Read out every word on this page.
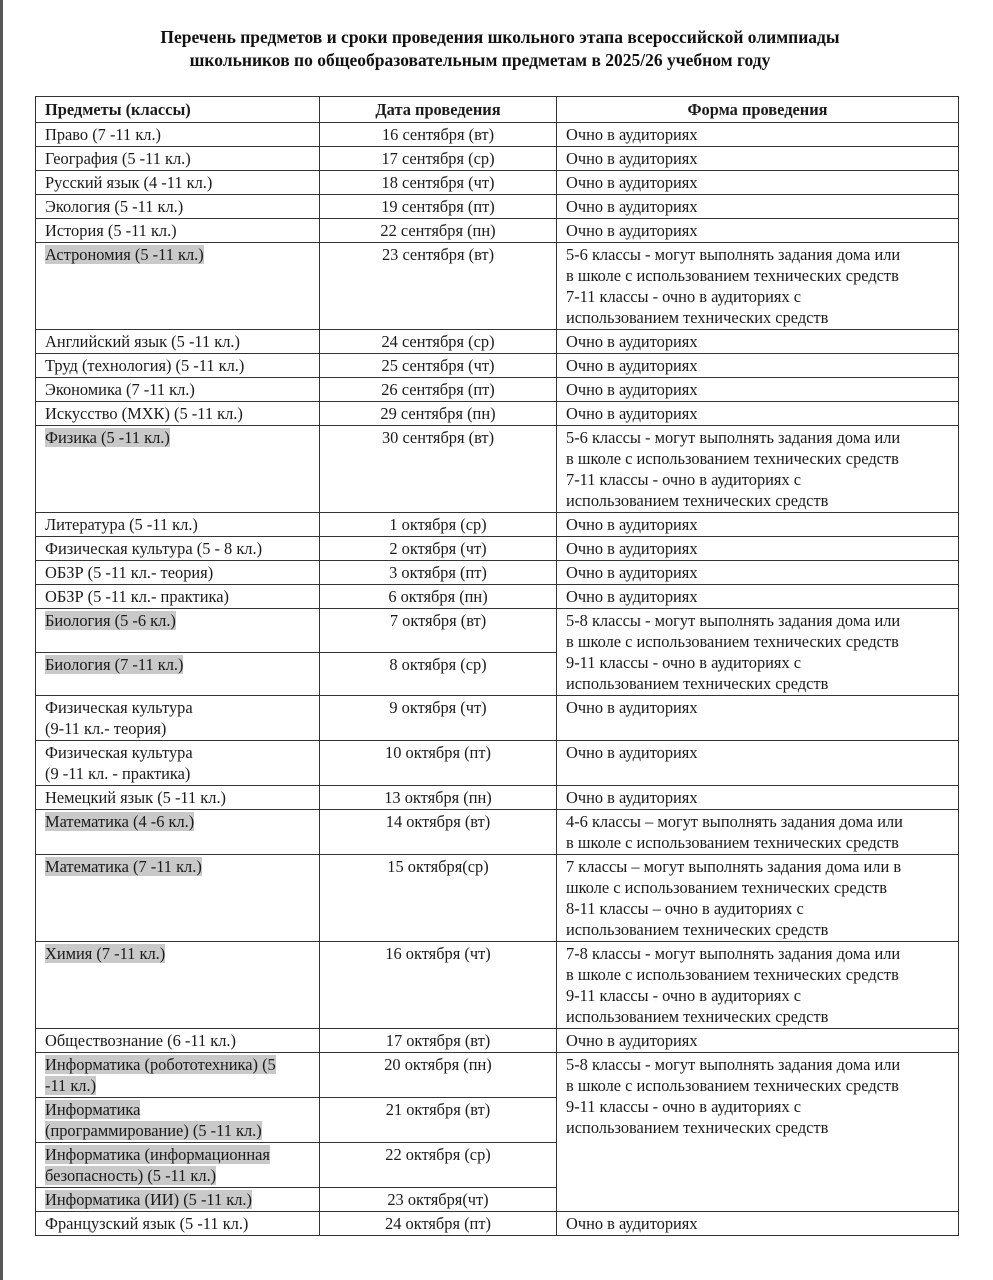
Перечень предметов и сроки проведения школьного этапа всероссийской олимпиады
школьников по общеобразовательным предметам в 2025/26 учебном году
Предметы (классы)	Дата проведения	Форма проведения
Право (7 -11 кл.)	16 сентября (вт)	Очно в аудиториях
География (5 -11 кл.)	17 сентября (ср)	Очно в аудиториях
Русский язык (4 -11 кл.)	18 сентября (чт)	Очно в аудиториях
Экология (5 -11 кл.)	19 сентября (пт)	Очно в аудиториях
История (5 -11 кл.)	22 сентября (пн)	Очно в аудиториях
Астрономия (5 -11 кл.)	23 сентября (вт)	5-6 классы - могут выполнять задания дома или
в школе с использованием технических средств
7-11 классы - очно в аудиториях с
использованием технических средств

Английский язык (5 -11 кл.)	24 сентября (ср)	Очно в аудиториях
Труд (технология) (5 -11 кл.)	25 сентября (чт)	Очно в аудиториях
Экономика (7 -11 кл.)	26 сентября (пт)	Очно в аудиториях
Искусство (МХК) (5 -11 кл.)	29 сентября (пн)	Очно в аудиториях
Физика (5 -11 кл.)	30 сентября (вт)	5-6 классы - могут выполнять задания дома или
в школе с использованием технических средств
7-11 классы - очно в аудиториях с
использованием технических средств

Литература (5 -11 кл.)	1 октября (ср)	Очно в аудиториях
Физическая культура (5 - 8 кл.)	2 октября (чт)	Очно в аудиториях
ОБЗР (5 -11 кл.- теория)	3 октября (пт)	Очно в аудиториях
ОБЗР (5 -11 кл.- практика)	6 октября (пн)	Очно в аудиториях
Биология (5 -6 кл.)	7 октября (вт)	5-8 классы - могут выполнять задания дома или
в школе с использованием технических средств
9-11 классы - очно в аудиториях с
использованием технических средств

Биология (7 -11 кл.)	8 октября (ср)	
Физическая культура
(9-11 кл.- теория)	9 октября (чт)	Очно в аудиториях
Физическая культура
(9 -11 кл. - практика)	10 октября (пт)	Очно в аудиториях
Немецкий язык (5 -11 кл.)	13 октября (пн)	Очно в аудиториях
Математика (4 -6 кл.)	14 октября (вт)	4-6 классы – могут выполнять задания дома или
в школе с использованием технических средств

Математика (7 -11 кл.)	15 октября(ср)	7 классы – могут выполнять задания дома или в
школе с использованием технических средств
8-11 классы – очно в аудиториях с
использованием технических средств

Химия (7 -11 кл.)	16 октября (чт)	7-8 классы - могут выполнять задания дома или
в школе с использованием технических средств
9-11 классы - очно в аудиториях с
использованием технических средств

Обществознание (6 -11 кл.)	17 октября (вт)	Очно в аудиториях
Информатика (робототехника) (5
-11 кл.)	20 октября (пн)	5-8 классы - могут выполнять задания дома или
в школе с использованием технических средств
9-11 классы - очно в аудиториях с
использованием технических средств

Информатика
(программирование) (5 -11 кл.)	21 октября (вт)	
Информатика (информационная
безопасность) (5 -11 кл.)	22 октября (ср)	
Информатика (ИИ) (5 -11 кл.)	23 октября(чт)	
Французский язык (5 -11 кл.)	24 октября (пт)	Очно в аудиториях
